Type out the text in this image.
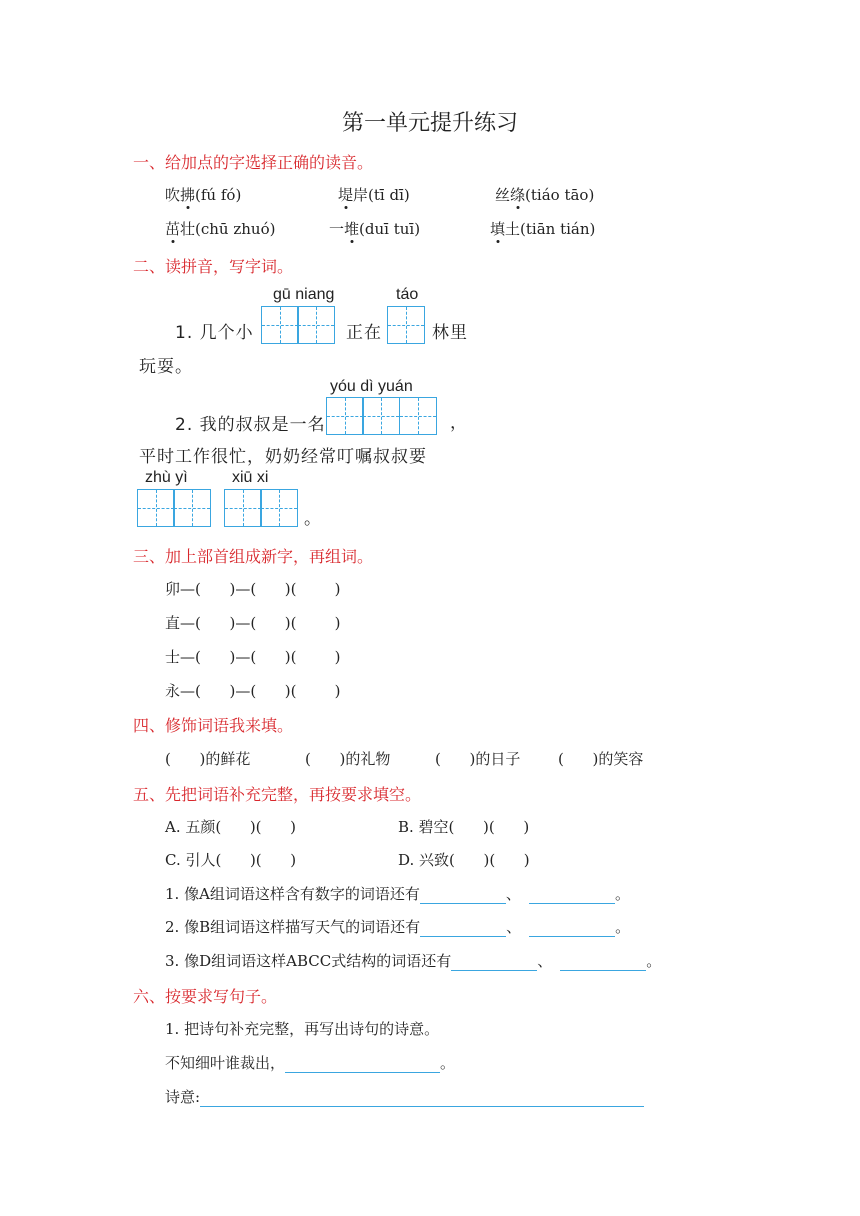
第一单元提升练习
一、给加点的字选择正确的读音。
吹拂(fú fó)	堤岸(tī dī)	丝绦(tiáo tāo)
茁壮(chū zhuó)	一堆(duī tuī)	填土(tiān tián)
二、读拼音，写字词。
gū niang	táo
1. 几个小	正在	林里
玩耍。
yóu dì yuán
2. 我的叔叔是一名	，
平时工作很忙，奶奶经常叮嘱叔叔要
zhù yì	xiū xi
。
三、加上部首组成新字，再组词。
卯—(      )—(      )(        )
直—(      )—(      )(        )
士—(      )—(      )(        )
永—(      )—(      )(        )
四、修饰词语我来填。
(      )的鲜花	(      )的礼物	(      )的日子	(      )的笑容
五、先把词语补充完整，再按要求填空。
A. 五颜(      )(      )	B. 碧空(      )(      )
C. 引人(      )(      )	D. 兴致(      )(      )
1. 像A组词语这样含有数字的词语还有	、	。
2. 像B组词语这样描写天气的词语还有	、	。
3. 像D组词语这样ABCC式结构的词语还有	、	。
六、按要求写句子。
1. 把诗句补充完整，再写出诗句的诗意。
不知细叶谁裁出，	。
诗意:
